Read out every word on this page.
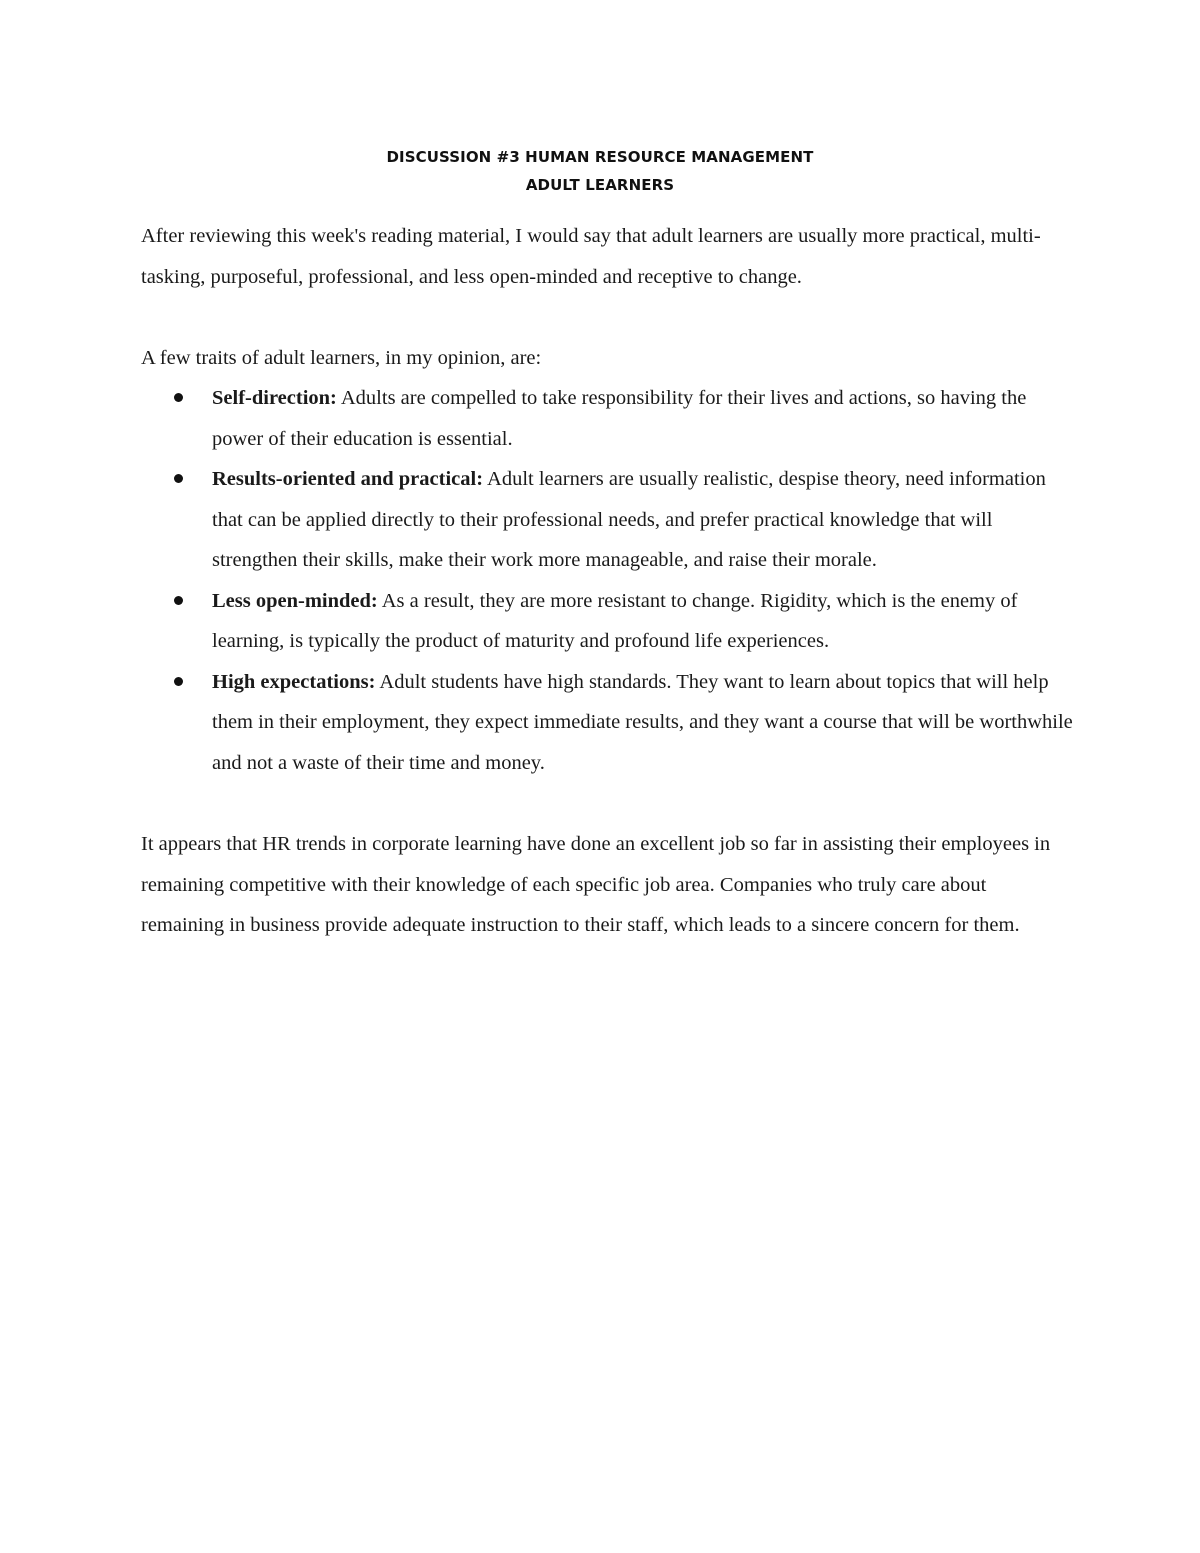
DISCUSSION #3 HUMAN RESOURCE MANAGEMENT
ADULT LEARNERS

After reviewing this week's reading material, I would say that adult learners are usually more practical, multi-tasking, purposeful, professional, and less open-minded and receptive to change.

A few traits of adult learners, in my opinion, are:

Self-direction: Adults are compelled to take responsibility for their lives and actions, so having the power of their education is essential.
Results-oriented and practical: Adult learners are usually realistic, despise theory, need information that can be applied directly to their professional needs, and prefer practical knowledge that will strengthen their skills, make their work more manageable, and raise their morale.
Less open-minded: As a result, they are more resistant to change. Rigidity, which is the enemy of learning, is typically the product of maturity and profound life experiences.
High expectations: Adult students have high standards. They want to learn about topics that will help them in their employment, they expect immediate results, and they want a course that will be worthwhile and not a waste of their time and money.

It appears that HR trends in corporate learning have done an excellent job so far in assisting their employees in remaining competitive with their knowledge of each specific job area. Companies who truly care about remaining in business provide adequate instruction to their staff, which leads to a sincere concern for them.
